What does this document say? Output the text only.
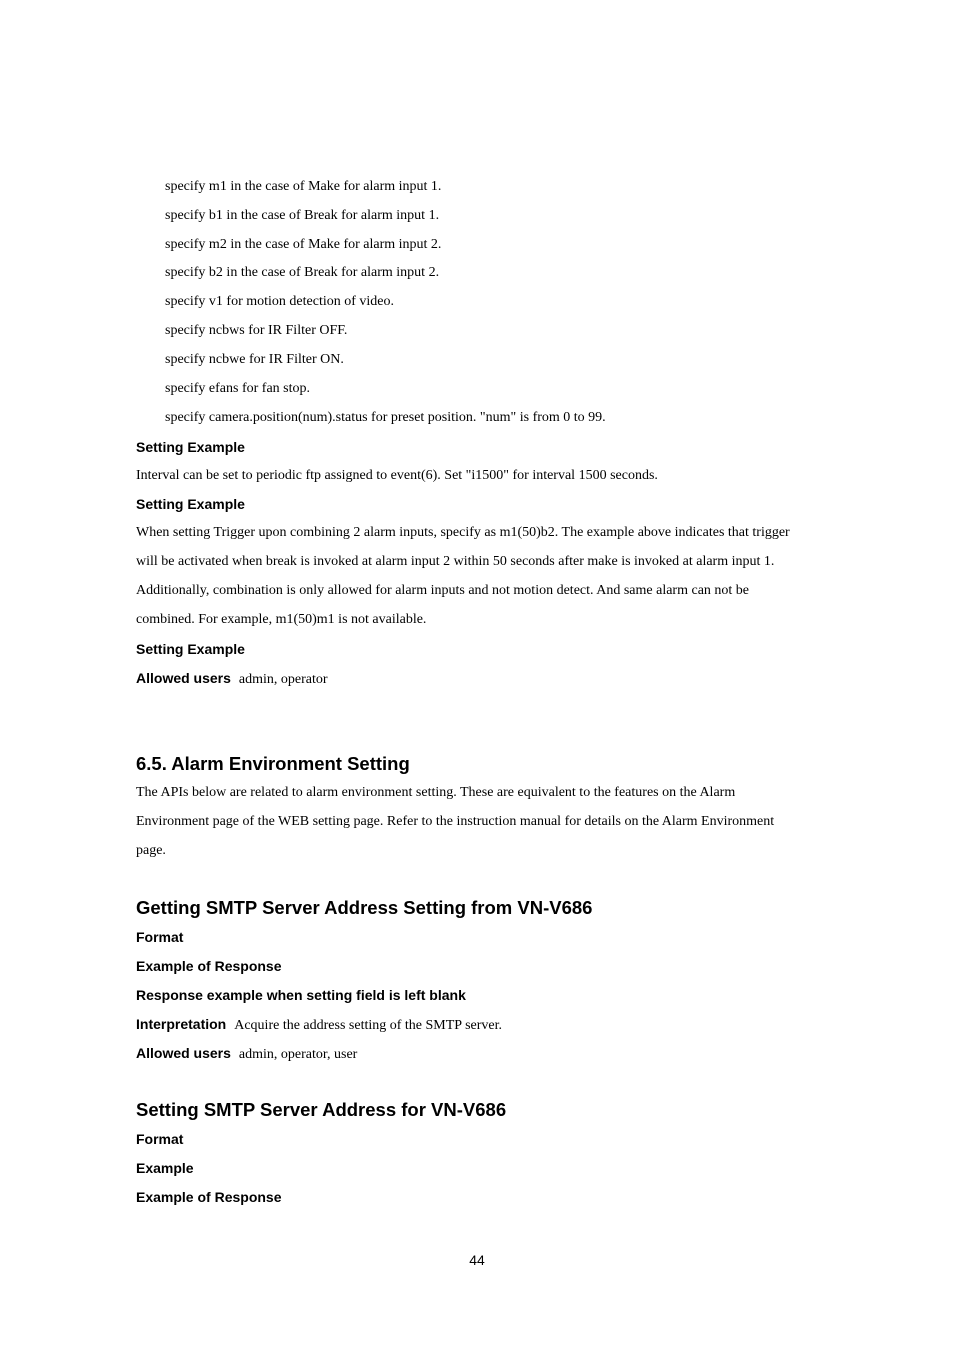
specify m1 in the case of Make for alarm input 1.
specify b1 in the case of Break for alarm input 1.
specify m2 in the case of Make for alarm input 2.
specify b2 in the case of Break for alarm input 2.
specify v1 for motion detection of video.
specify ncbws for IR Filter OFF.
specify ncbwe for IR Filter ON.
specify efans for fan stop.
specify camera.position(num).status for preset position. "num" is from 0 to 99.
Setting Example
Interval can be set to periodic ftp assigned to event(6). Set "i1500" for interval 1500 seconds.
Setting Example
When setting Trigger upon combining 2 alarm inputs, specify as m1(50)b2. The example above indicates that trigger
will be activated when break is invoked at alarm input 2 within 50 seconds after make is invoked at alarm input 1.
Additionally, combination is only allowed for alarm inputs and not motion detect. And same alarm can not be
combined. For example, m1(50)m1 is not available.
Setting Example
Allowed users admin, operator
6.5. Alarm Environment Setting
The APIs below are related to alarm environment setting. These are equivalent to the features on the Alarm
Environment page of the WEB setting page. Refer to the instruction manual for details on the Alarm Environment
page.
Getting SMTP Server Address Setting from VN-V686
Format
Example of Response
Response example when setting field is left blank
Interpretation Acquire the address setting of the SMTP server.
Allowed users admin, operator, user
Setting SMTP Server Address for VN-V686
Format
Example
Example of Response
44
